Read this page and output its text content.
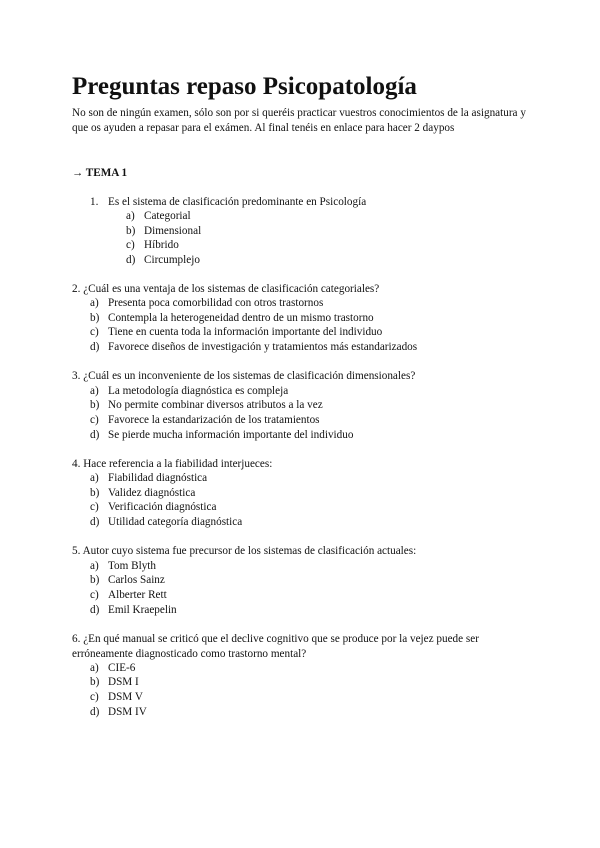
Preguntas repaso Psicopatología

No son de ningún examen, sólo son por si queréis practicar vuestros conocimientos de la asignatura y que os ayuden a repasar para el exámen. Al final tenéis en enlace para hacer 2 daypos

→ TEMA 1

1. Es el sistema de clasificación predominante en Psicología
a) Categorial
b) Dimensional
c) Híbrido
d) Circumplejo
2. ¿Cuál es una ventaja de los sistemas de clasificación categoriales?
a) Presenta poca comorbilidad con otros trastornos
b) Contempla la heterogeneidad dentro de un mismo trastorno
c) Tiene en cuenta toda la información importante del individuo
d) Favorece diseños de investigación y tratamientos más estandarizados
3. ¿Cuál es un inconveniente de los sistemas de clasificación dimensionales?
a) La metodología diagnóstica es compleja
b) No permite combinar diversos atributos a la vez
c) Favorece la estandarización de los tratamientos
d) Se pierde mucha información importante del individuo
4. Hace referencia a la fiabilidad interjueces:
a) Fiabilidad diagnóstica
b) Validez diagnóstica
c) Verificación diagnóstica
d) Utilidad categoría diagnóstica
5. Autor cuyo sistema fue precursor de los sistemas de clasificación actuales:
a) Tom Blyth
b) Carlos Sainz
c) Alberter Rett
d) Emil Kraepelin
6. ¿En qué manual se criticó que el declive cognitivo que se produce por la vejez puede ser erróneamente diagnosticado como trastorno mental?
a) CIE-6
b) DSM I
c) DSM V
d) DSM IV
